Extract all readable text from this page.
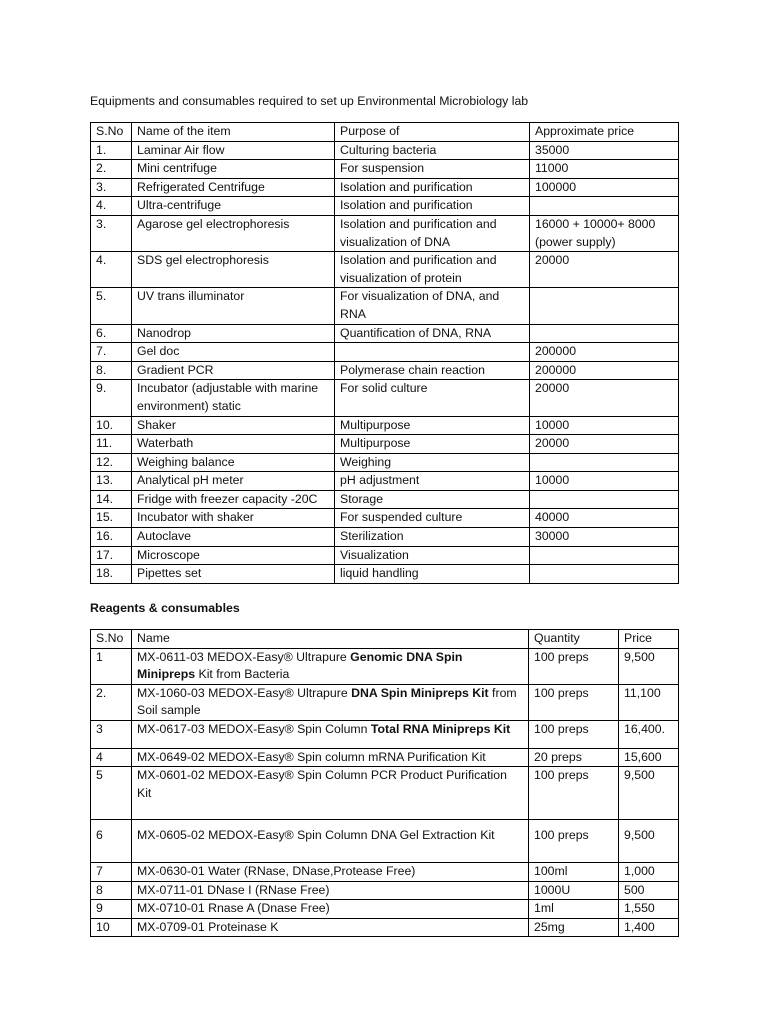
Equipments and consumables required to set up Environmental Microbiology lab

S.No	Name of the item	Purpose of	Approximate price
1.	Laminar Air flow	Culturing bacteria	35000
2.	Mini centrifuge	For suspension	11000
3.	Refrigerated Centrifuge	Isolation and purification	100000
4.	Ultra-centrifuge	Isolation and purification	
3.	Agarose gel electrophoresis	Isolation and purification and visualization of DNA	16000 + 10000+ 8000 (power supply)
4.	SDS gel electrophoresis	Isolation and purification and visualization of protein	20000
5.	UV trans illuminator	For visualization of DNA, and RNA	
6.	Nanodrop	Quantification of DNA, RNA	
7.	Gel doc		200000
8.	Gradient PCR	Polymerase chain reaction	200000
9.	Incubator (adjustable with marine environment) static	For solid culture	20000
10.	Shaker	Multipurpose	10000
11.	Waterbath	Multipurpose	20000
12.	Weighing balance	Weighing	
13.	Analytical pH meter	pH adjustment	10000
14.	Fridge with freezer capacity -20C	Storage	
15.	Incubator with shaker	For suspended culture	40000
16.	Autoclave	Sterilization	30000
17.	Microscope	Visualization	
18.	Pipettes set	liquid handling	

Reagents & consumables

S.No	Name	Quantity	Price
1	MX-0611-03 MEDOX-Easy® Ultrapure Genomic DNA Spin Minipreps Kit from Bacteria	100 preps	9,500
2.	MX-1060-03 MEDOX-Easy® Ultrapure DNA Spin Minipreps Kit from Soil sample	100 preps	11,100
3	MX-0617-03 MEDOX-Easy® Spin Column Total RNA Minipreps Kit	100 preps	16,400.
4	MX-0649-02 MEDOX-Easy® Spin column mRNA Purification Kit	20 preps	15,600
5	MX-0601-02 MEDOX-Easy® Spin Column PCR Product Purification Kit	100 preps	9,500
6	MX-0605-02 MEDOX-Easy® Spin Column DNA Gel Extraction Kit	100 preps	9,500
7	MX-0630-01 Water (RNase, DNase,Protease Free)	100ml	1,000
8	MX-0711-01 DNase I (RNase Free)	1000U	500
9	MX-0710-01 Rnase A (Dnase Free)	1ml	1,550
10	MX-0709-01 Proteinase K	25mg	1,400
